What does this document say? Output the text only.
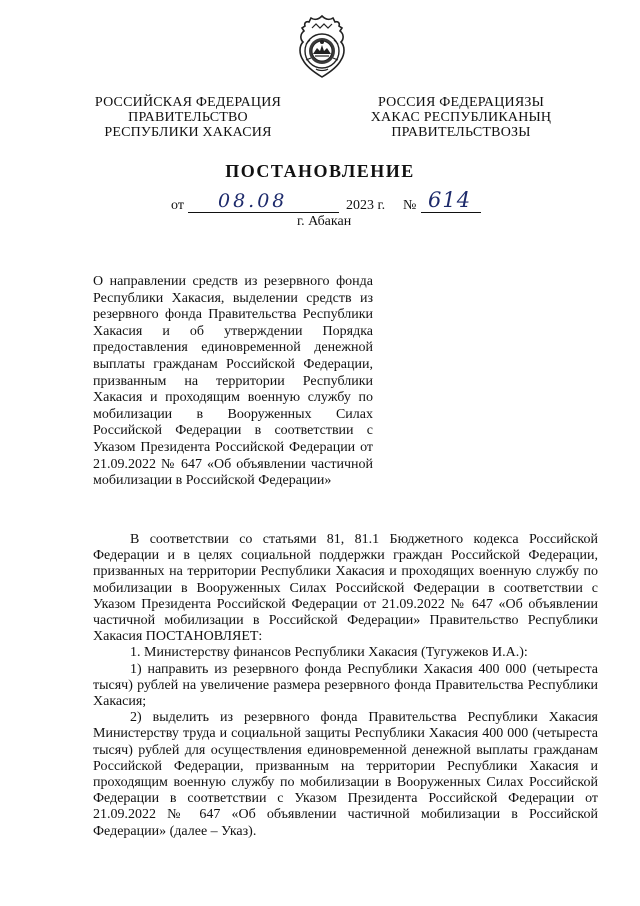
РОССИЙСКАЯ ФЕДЕРАЦИЯ
ПРАВИТЕЛЬСТВО
РЕСПУБЛИКИ ХАКАСИЯ
РОССИЯ ФЕДЕРАЦИЯЗЫ
ХАКАС РЕСПУБЛИКАНЫҢ
ПРАВИТЕЛЬСТВОЗЫ
ПОСТАНОВЛЕНИЕ
от 08.08	2023 г. № 614
г. Абакан
О направлении средств из резервного фонда Республики Хакасия, выделении средств из резервного фонда Правительства Республики Хакасия и об утверждении Порядка предоставления единовременной денежной выплаты гражданам Российской Федерации, призванным на территории Республики Хакасия и проходящим военную службу по мобилизации в Вооруженных Силах Российской Федерации в соответствии с Указом Президента Российской Федерации от 21.09.2022 № 647 «Об объявлении частичной мобилизации в Российской Федерации»

В соответствии со статьями 81, 81.1 Бюджетного кодекса Российской Федерации и в целях социальной поддержки граждан Российской Федерации, призванных на территории Республики Хакасия и проходящих военную службу по мобилизации в Вооруженных Силах Российской Федерации в соответствии с Указом Президента Российской Федерации от 21.09.2022 № 647 «Об объявлении частичной мобилизации в Российской Федерации» Правительство Республики Хакасия ПОСТАНОВЛЯЕТ:

1. Министерству финансов Республики Хакасия (Тугужеков И.А.):

1) направить из резервного фонда Республики Хакасия 400 000 (четыреста тысяч) рублей на увеличение размера резервного фонда Правительства Республики Хакасия;

2) выделить из резервного фонда Правительства Республики Хакасия Министерству труда и социальной защиты Республики Хакасия 400 000 (четыреста тысяч) рублей для осуществления единовременной денежной выплаты гражданам Российской Федерации, призванным на территории Республики Хакасия и проходящим военную службу по мобилизации в Вооруженных Силах Российской Федерации в соответствии с Указом Президента Российской Федерации от 21.09.2022 № 647 «Об объявлении частичной мобилизации в Российской Федерации» (далее – Указ).
